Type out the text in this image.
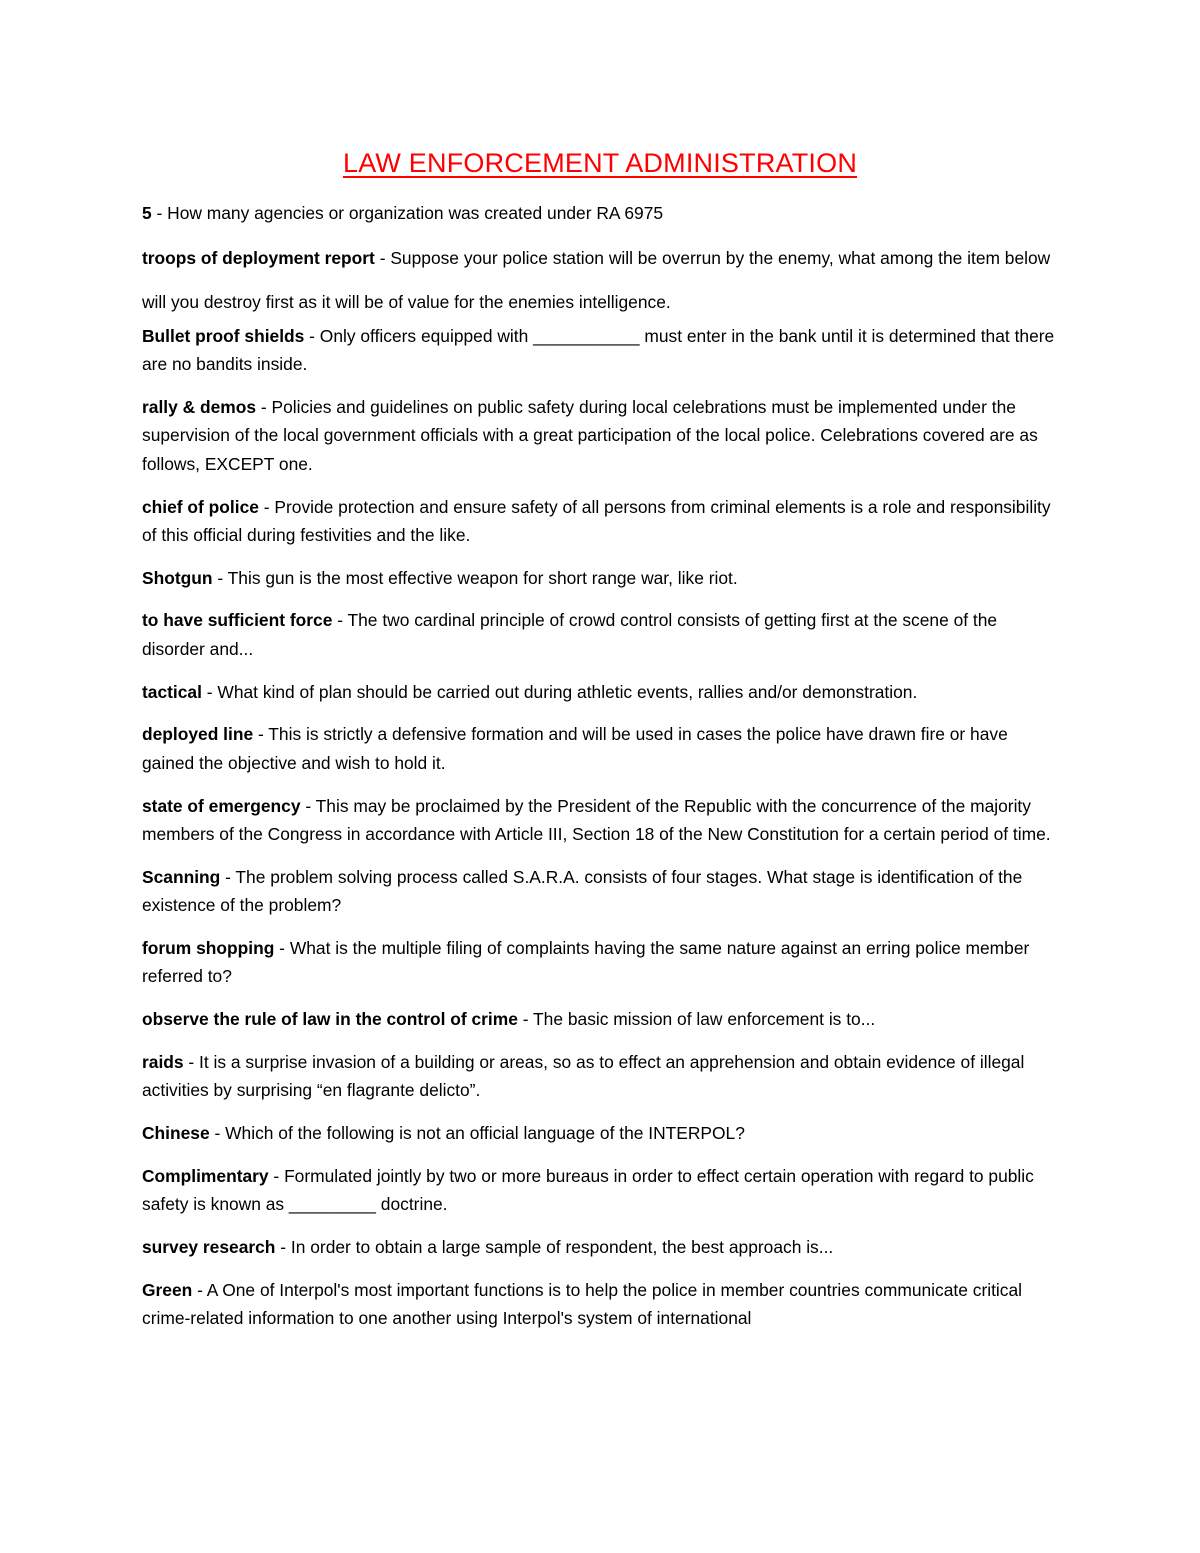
LAW ENFORCEMENT ADMINISTRATION

5 - How many agencies or organization was created under RA 6975

troops of deployment report - Suppose your police station will be overrun by the enemy, what among the item below will you destroy first as it will be of value for the enemies intelligence.

Bullet proof shields - Only officers equipped with ___________ must enter in the bank until it is determined that there are no bandits inside.

rally & demos - Policies and guidelines on public safety during local celebrations must be implemented under the supervision of the local government officials with a great participation of the local police. Celebrations covered are as follows, EXCEPT one.

chief of police - Provide protection and ensure safety of all persons from criminal elements is a role and responsibility of this official during festivities and the like.

Shotgun - This gun is the most effective weapon for short range war, like riot.

to have sufficient force - The two cardinal principle of crowd control consists of getting first at the scene of the disorder and...

tactical - What kind of plan should be carried out during athletic events, rallies and/or demonstration.

deployed line - This is strictly a defensive formation and will be used in cases the police have drawn fire or have gained the objective and wish to hold it.

state of emergency - This may be proclaimed by the President of the Republic with the concurrence of the majority members of the Congress in accordance with Article III, Section 18 of the New Constitution for a certain period of time.

Scanning - The problem solving process called S.A.R.A. consists of four stages. What stage is identification of the existence of the problem?

forum shopping - What is the multiple filing of complaints having the same nature against an erring police member referred to?

observe the rule of law in the control of crime - The basic mission of law enforcement is to...

raids - It is a surprise invasion of a building or areas, so as to effect an apprehension and obtain evidence of illegal activities by surprising “en flagrante delicto”.

Chinese - Which of the following is not an official language of the INTERPOL?

Complimentary - Formulated jointly by two or more bureaus in order to effect certain operation with regard to public safety is known as _________ doctrine.

survey research - In order to obtain a large sample of respondent, the best approach is...

Green - A One of Interpol's most important functions is to help the police in member countries communicate critical crime-related information to one another using Interpol's system of international
